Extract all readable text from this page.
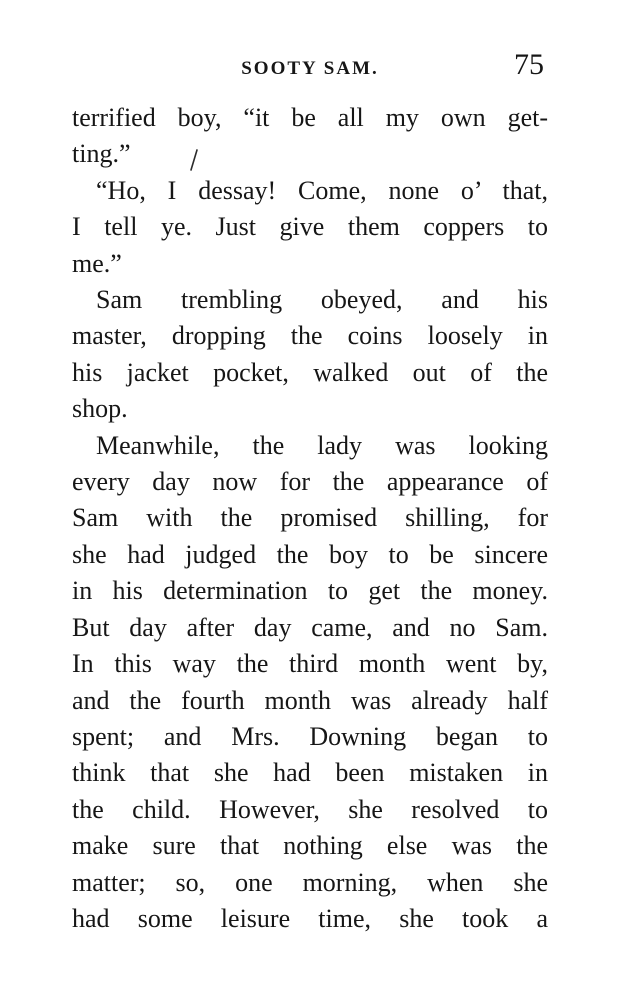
SOOTY SAM.	75
terrified boy, “it be all my own get-
ting.”
“Ho, I dessay! Come, none o’ that,
I tell ye. Just give them coppers to
me.”
Sam trembling obeyed, and his
master, dropping the coins loosely in
his jacket pocket, walked out of the
shop.
Meanwhile, the lady was looking
every day now for the appearance of
Sam with the promised shilling, for
she had judged the boy to be sincere
in his determination to get the money.
But day after day came, and no Sam.
In this way the third month went by,
and the fourth month was already half
spent; and Mrs. Downing began to
think that she had been mistaken in
the child. However, she resolved to
make sure that nothing else was the
matter; so, one morning, when she
had some leisure time, she took a
